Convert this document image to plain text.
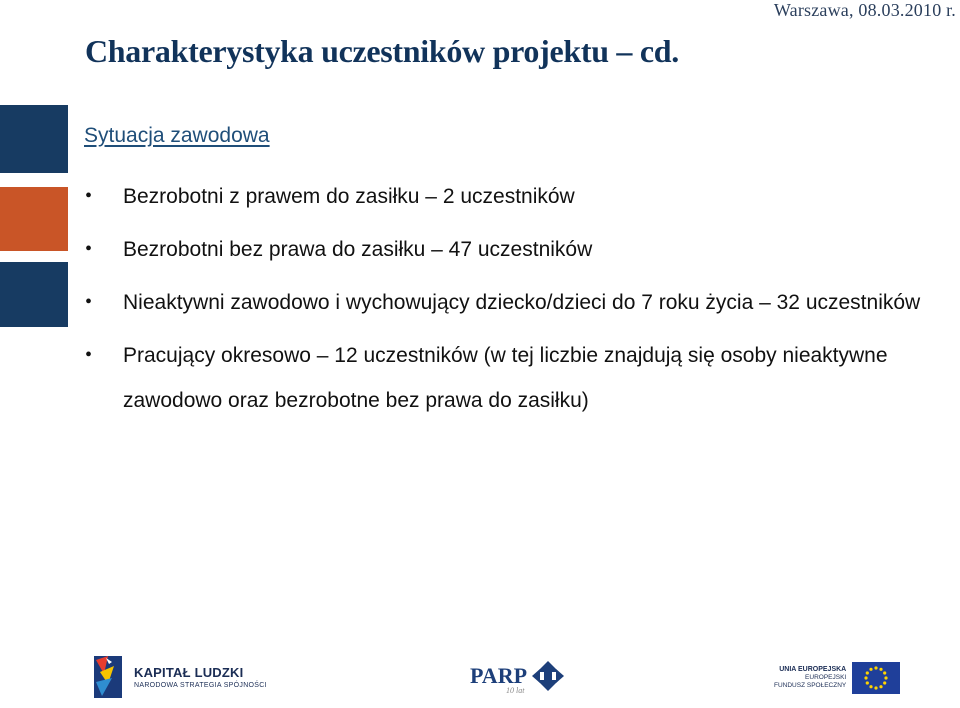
Warszawa, 08.03.2010 r.
Charakterystyka uczestników projektu – cd.
Sytuacja zawodowa
• Bezrobotni z prawem do zasiłku – 2 uczestników
• Bezrobotni bez prawa do zasiłku – 47 uczestników
• Nieaktywni zawodowo i wychowujący dziecko/dzieci do 7 roku życia – 32 uczestników
• Pracujący okresowo – 12 uczestników (w tej liczbie znajdują się osoby nieaktywne zawodowo oraz bezrobotne bez prawa do zasiłku)
KAPITAŁ LUDZKI
NARODOWA STRATEGIA SPÓJNOŚCI	PARP
10 lat
UNIA EUROPEJSKA
EUROPEJSKI
FUNDUSZ SPOŁECZNY
